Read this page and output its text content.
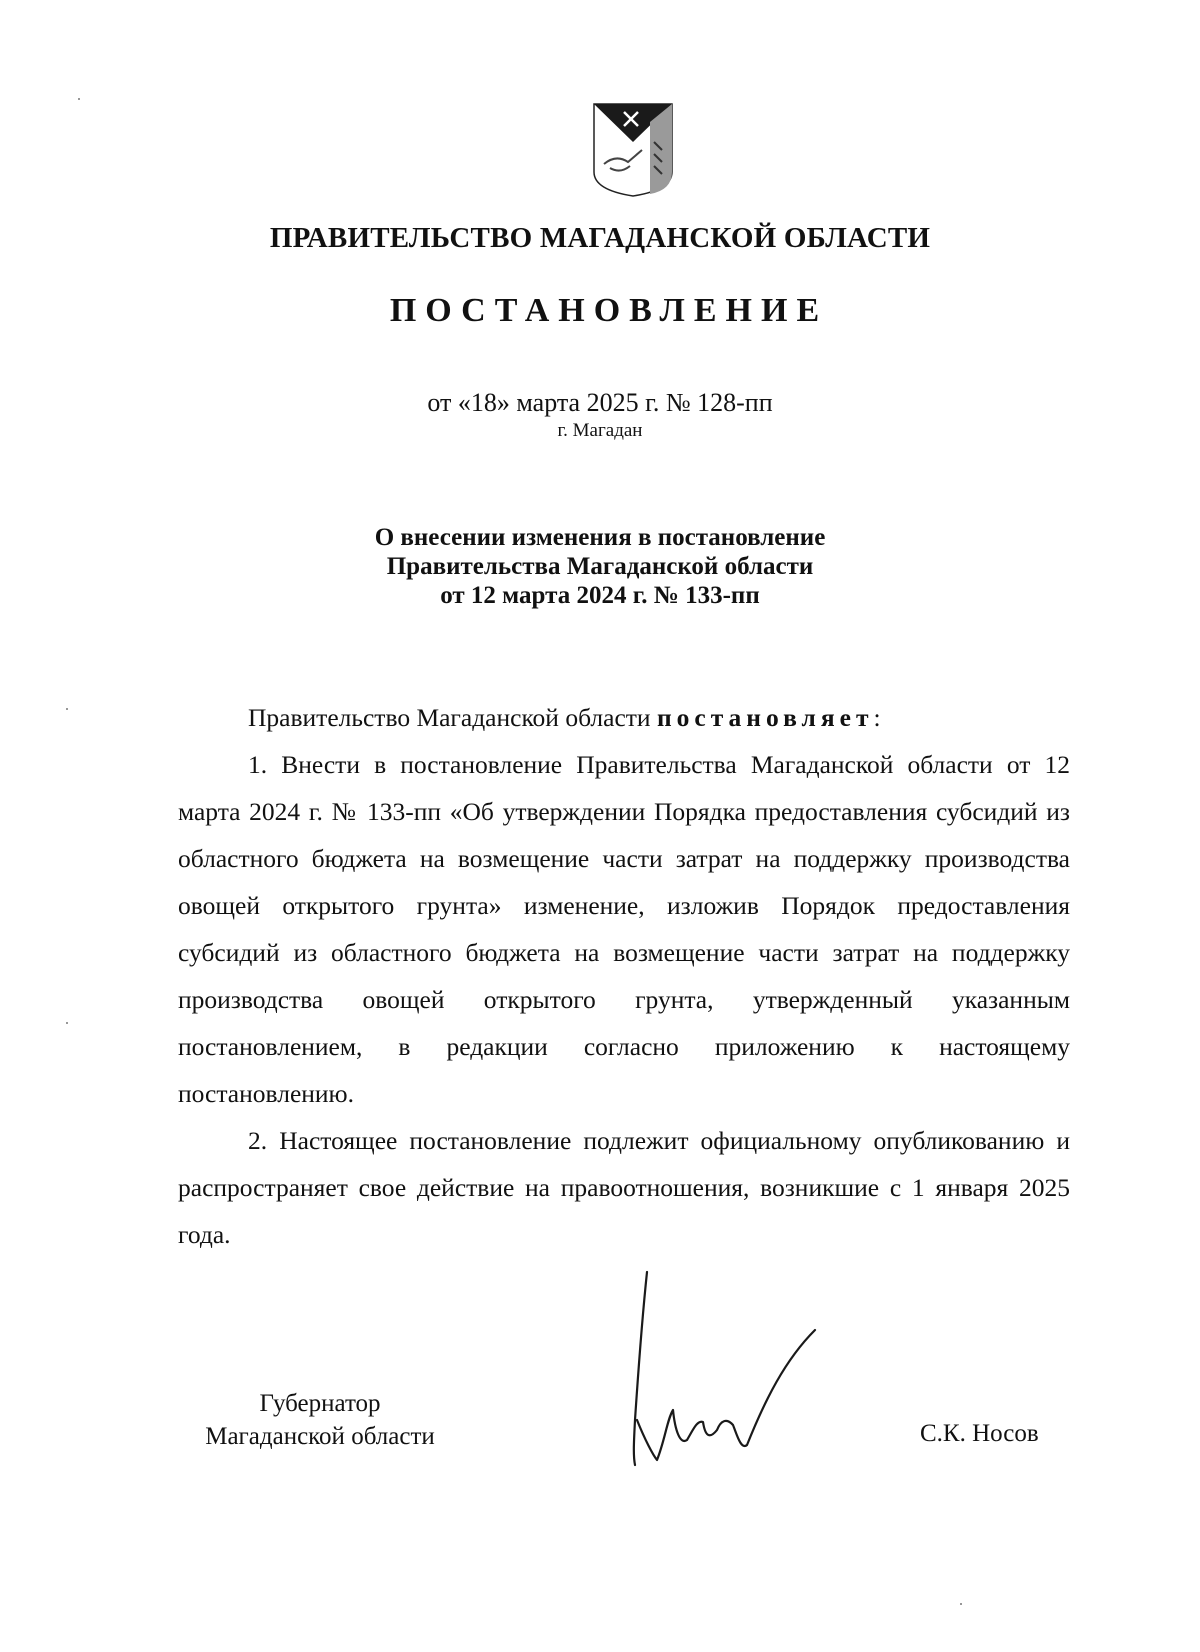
ПРАВИТЕЛЬСТВО МАГАДАНСКОЙ ОБЛАСТИ
ПОСТАНОВЛЕНИЕ
от «18» марта 2025 г. № 128-пп
г. Магадан
О внесении изменения в постановление
Правительства Магаданской области
от 12 марта 2024 г. № 133-пп

Правительство Магаданской области постановляет:

1. Внести в постановление Правительства Магаданской области от 12 марта 2024 г. № 133-пп «Об утверждении Порядка предоставления субсидий из областного бюджета на возмещение части затрат на поддержку производства овощей открытого грунта» изменение, изложив Порядок предоставления субсидий из областного бюджета на возмещение части затрат на поддержку производства овощей открытого грунта, утвержденный указанным постановлением, в редакции согласно приложению к настоящему постановлению.

2. Настоящее постановление подлежит официальному опубликованию и распространяет свое действие на правоотношения, возникшие с 1 января 2025 года.

Губернатор
Магаданской области	С.К. Носов
